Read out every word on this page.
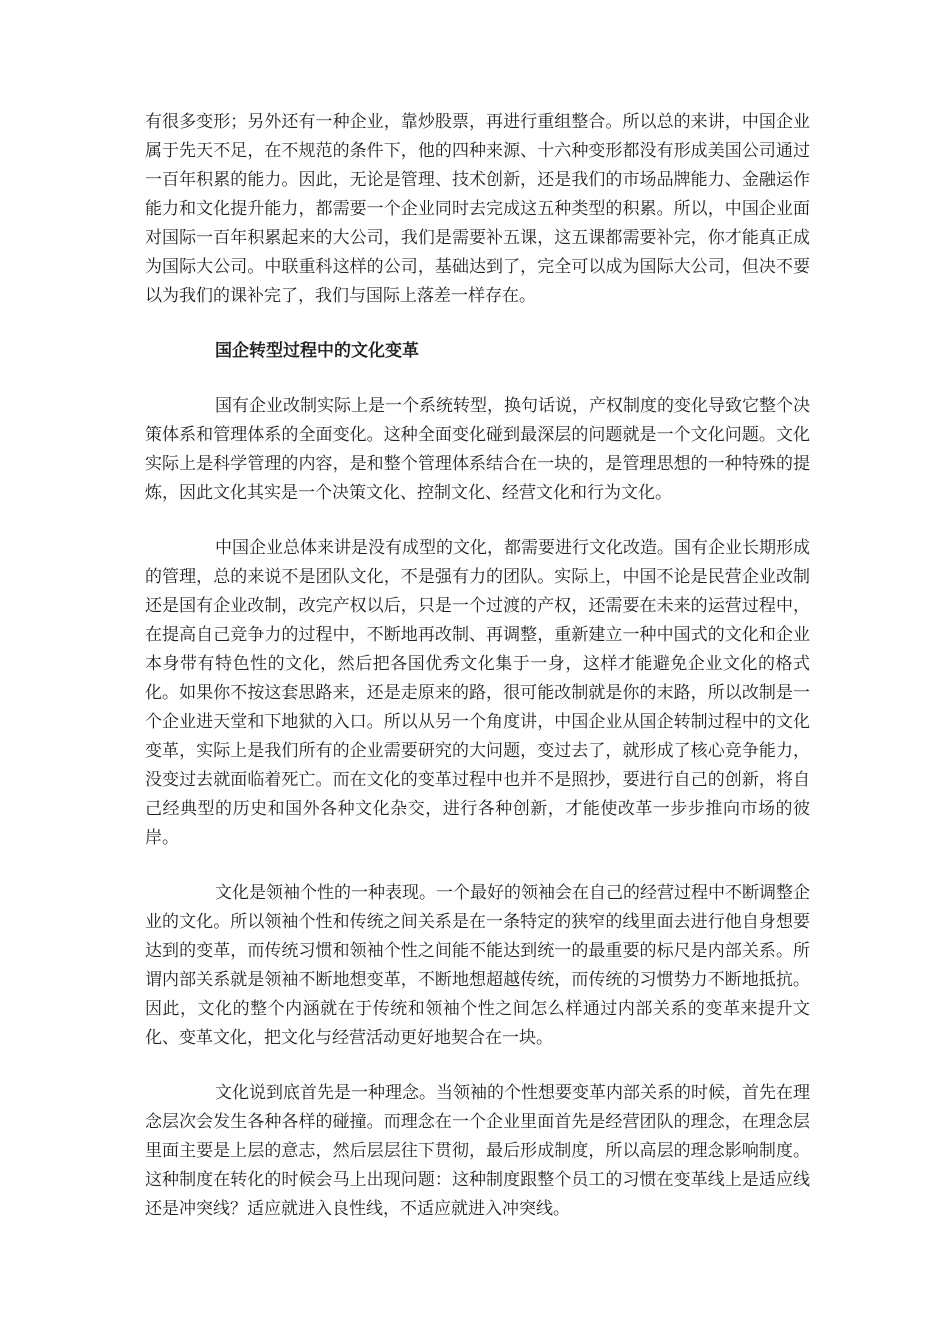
有很多变形；另外还有一种企业，靠炒股票，再进行重组整合。所以总的来讲，中国企业属于先天不足，在不规范的条件下，他的四种来源、十六种变形都没有形成美国公司通过一百年积累的能力。因此，无论是管理、技术创新，还是我们的市场品牌能力、金融运作能力和文化提升能力，都需要一个企业同时去完成这五种类型的积累。所以，中国企业面对国际一百年积累起来的大公司，我们是需要补五课，这五课都需要补完，你才能真正成为国际大公司。中联重科这样的公司，基础达到了，完全可以成为国际大公司，但决不要以为我们的课补完了，我们与国际上落差一样存在。

国企转型过程中的文化变革

国有企业改制实际上是一个系统转型，换句话说，产权制度的变化导致它整个决策体系和管理体系的全面变化。这种全面变化碰到最深层的问题就是一个文化问题。文化实际上是科学管理的内容，是和整个管理体系结合在一块的，是管理思想的一种特殊的提炼，因此文化其实是一个决策文化、控制文化、经营文化和行为文化。

中国企业总体来讲是没有成型的文化，都需要进行文化改造。国有企业长期形成的管理，总的来说不是团队文化，不是强有力的团队。实际上，中国不论是民营企业改制还是国有企业改制，改完产权以后，只是一个过渡的产权，还需要在未来的运营过程中，在提高自己竞争力的过程中，不断地再改制、再调整，重新建立一种中国式的文化和企业本身带有特色性的文化，然后把各国优秀文化集于一身，这样才能避免企业文化的格式化。如果你不按这套思路来，还是走原来的路，很可能改制就是你的末路，所以改制是一个企业进天堂和下地狱的入口。所以从另一个角度讲，中国企业从国企转制过程中的文化变革，实际上是我们所有的企业需要研究的大问题，变过去了，就形成了核心竞争能力，没变过去就面临着死亡。而在文化的变革过程中也并不是照抄，要进行自己的创新，将自己经典型的历史和国外各种文化杂交，进行各种创新，才能使改革一步步推向市场的彼岸。

文化是领袖个性的一种表现。一个最好的领袖会在自己的经营过程中不断调整企业的文化。所以领袖个性和传统之间关系是在一条特定的狭窄的线里面去进行他自身想要达到的变革，而传统习惯和领袖个性之间能不能达到统一的最重要的标尺是内部关系。所谓内部关系就是领袖不断地想变革，不断地想超越传统，而传统的习惯势力不断地抵抗。因此，文化的整个内涵就在于传统和领袖个性之间怎么样通过内部关系的变革来提升文化、变革文化，把文化与经营活动更好地契合在一块。

文化说到底首先是一种理念。当领袖的个性想要变革内部关系的时候，首先在理念层次会发生各种各样的碰撞。而理念在一个企业里面首先是经营团队的理念，在理念层里面主要是上层的意志，然后层层往下贯彻，最后形成制度，所以高层的理念影响制度。这种制度在转化的时候会马上出现问题：这种制度跟整个员工的习惯在变革线上是适应线还是冲突线？适应就进入良性线，不适应就进入冲突线。
